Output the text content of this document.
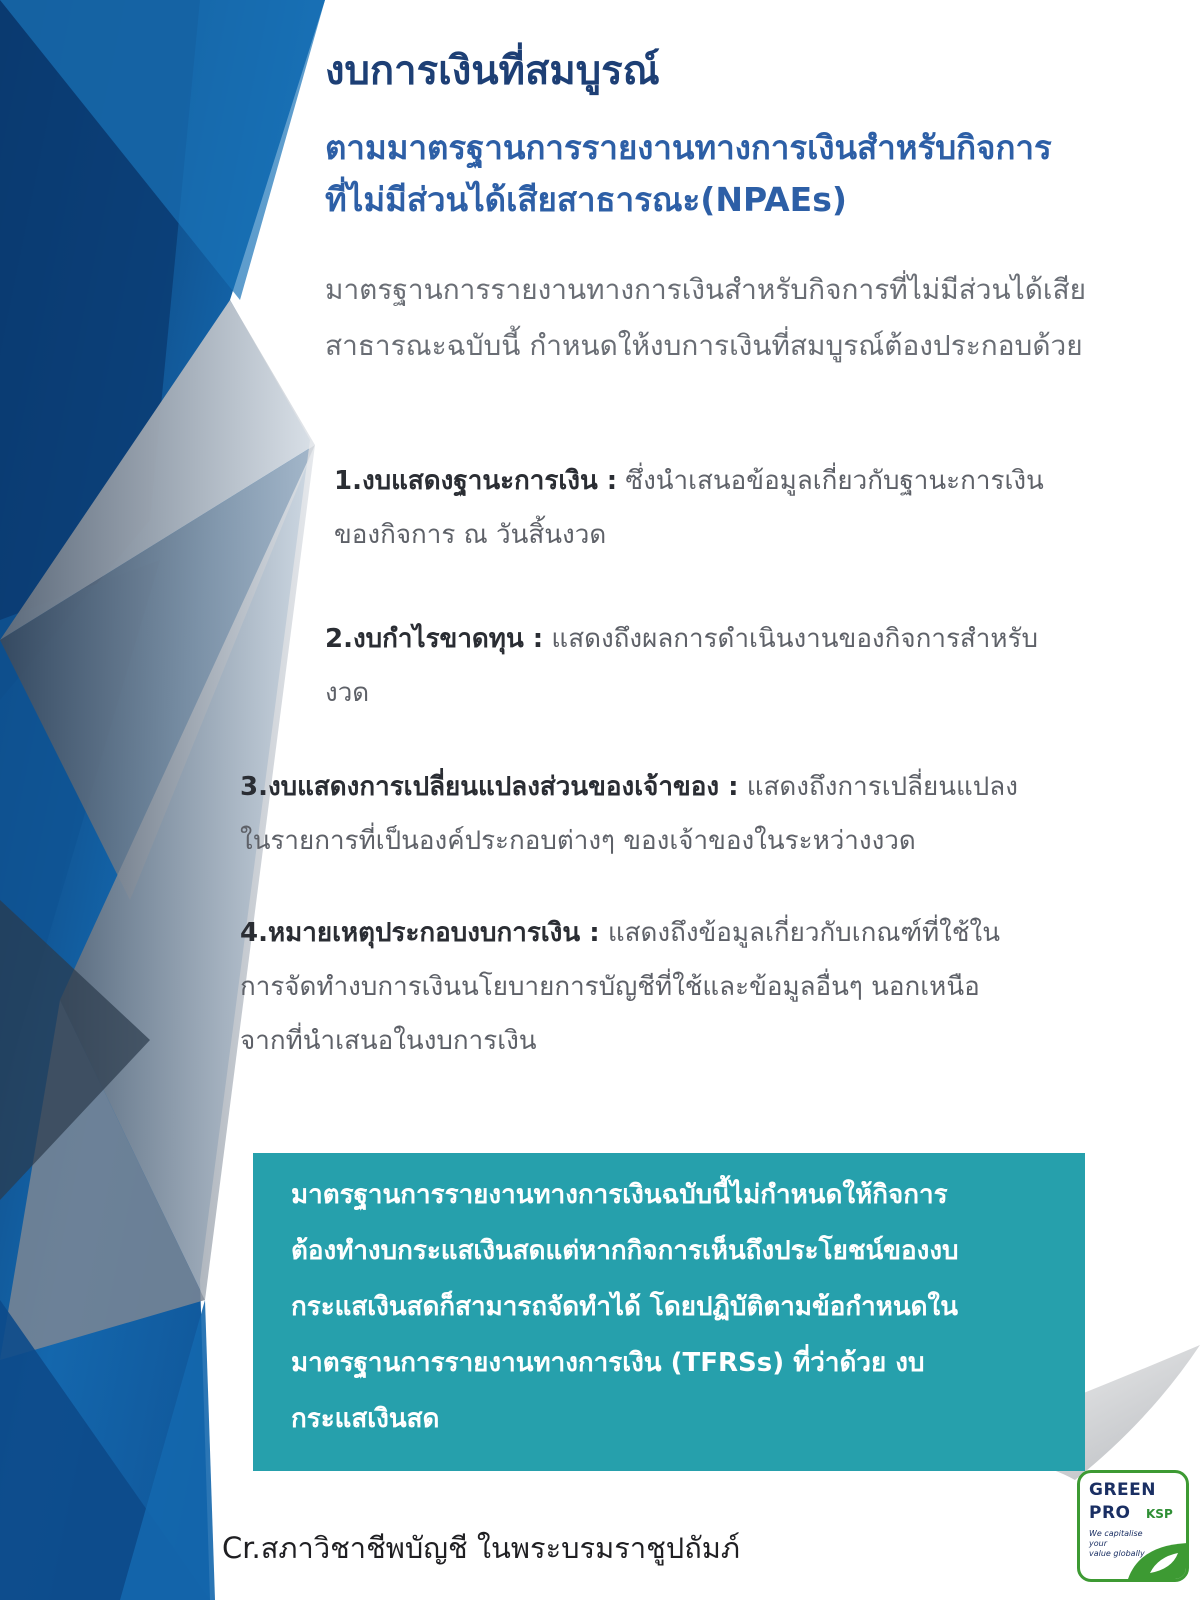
งบการเงินที่สมบูรณ์
ตามมาตรฐานการรายงานทางการเงินสำหรับกิจการ
ที่ไม่มีส่วนได้เสียสาธารณะ(NPAEs)

มาตรฐานการรายงานทางการเงินสำหรับกิจการที่ไม่มีส่วนได้เสีย
สาธารณะฉบับนี้ กำหนดให้งบการเงินที่สมบูรณ์ต้องประกอบด้วย

1.งบแสดงฐานะการเงิน : ซึ่งนำเสนอข้อมูลเกี่ยวกับฐานะการเงิน
ของกิจการ ณ วันสิ้นงวด

2.งบกำไรขาดทุน : แสดงถึงผลการดำเนินงานของกิจการสำหรับ
งวด

3.งบแสดงการเปลี่ยนแปลงส่วนของเจ้าของ : แสดงถึงการเปลี่ยนแปลง
ในรายการที่เป็นองค์ประกอบต่างๆ ของเจ้าของในระหว่างงวด

4.หมายเหตุประกอบงบการเงิน : แสดงถึงข้อมูลเกี่ยวกับเกณฑ์ที่ใช้ใน
การจัดทำงบการเงินนโยบายการบัญชีที่ใช้และข้อมูลอื่นๆ นอกเหนือ
จากที่นำเสนอในงบการเงิน

มาตรฐานการรายงานทางการเงินฉบับนี้ไม่กำหนดให้กิจการ
ต้องทำงบกระแสเงินสดแต่หากกิจการเห็นถึงประโยชน์ของงบ
กระแสเงินสดก็สามารถจัดทำได้ โดยปฏิบัติตามข้อกำหนดใน
มาตรฐานการรายงานทางการเงิน (TFRSs) ที่ว่าด้วย งบ
กระแสเงินสด

Cr.สภาวิชาชีพบัญชี ในพระบรมราชูปถัมภ์

GREEN
PRO KSP
We capitalise your
value globally
